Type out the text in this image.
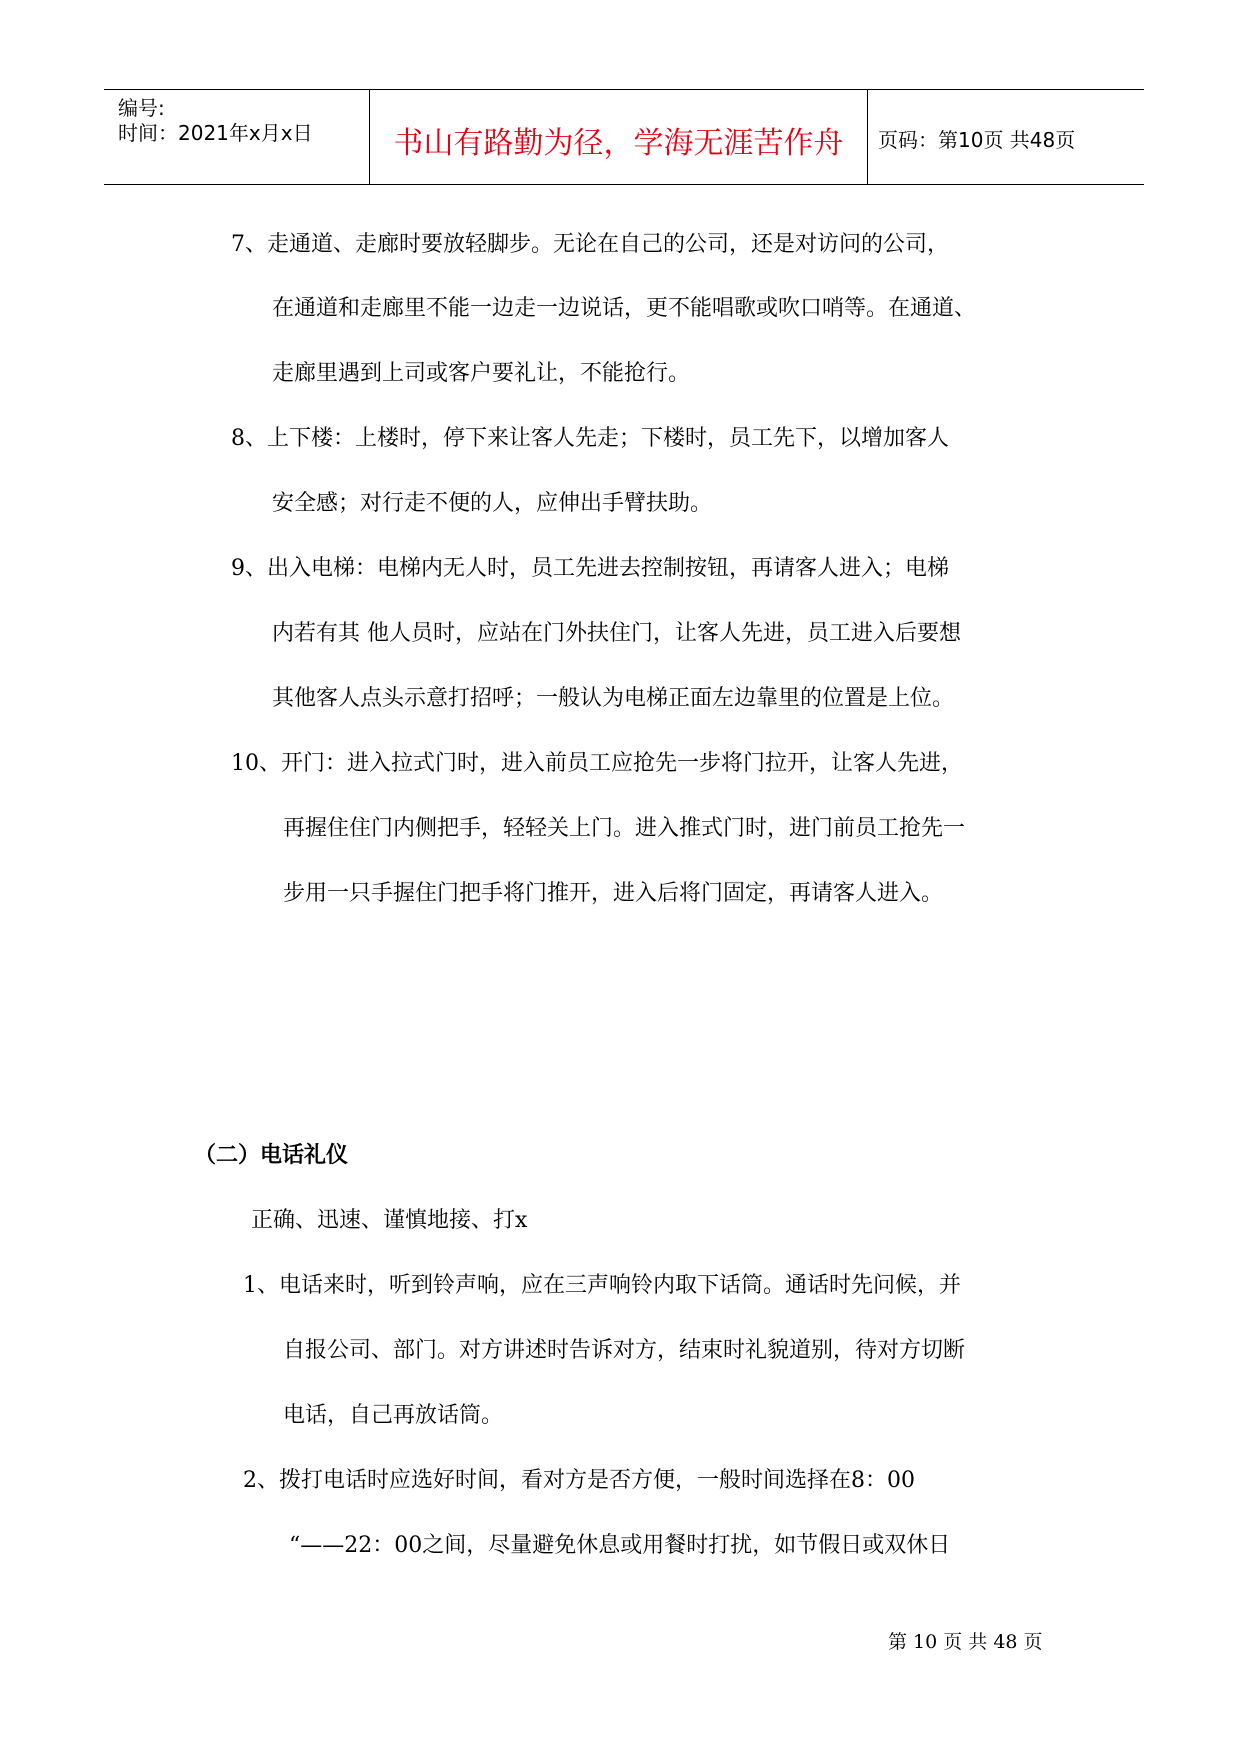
编号:
时间：2021年x月x日	书山有路勤为径，学海无涯苦作舟	页码：第10页 共48页
7、走通道、走廊时要放轻脚步。无论在自己的公司，还是对访问的公司，
在通道和走廊里不能一边走一边说话，更不能唱歌或吹口哨等。在通道、
走廊里遇到上司或客户要礼让，不能抢行。
8、上下楼：上楼时，停下来让客人先走；下楼时，员工先下，以增加客人
安全感；对行走不便的人，应伸出手臂扶助。
9、出入电梯：电梯内无人时，员工先进去控制按钮，再请客人进入；电梯
内若有其 他人员时，应站在门外扶住门，让客人先进，员工进入后要想
其他客人点头示意打招呼；一般认为电梯正面左边靠里的位置是上位。
10、开门：进入拉式门时，进入前员工应抢先一步将门拉开，让客人先进，
再握住住门内侧把手，轻轻关上门。进入推式门时，进门前员工抢先一
步用一只手握住门把手将门推开，进入后将门固定，再请客人进入。
（二）电话礼仪
正确、迅速、谨慎地接、打x
1、电话来时，听到铃声响，应在三声响铃内取下话筒。通话时先问候，并
自报公司、部门。对方讲述时告诉对方，结束时礼貌道别，待对方切断
电话，自己再放话筒。
2、拨打电话时应选好时间，看对方是否方便，一般时间选择在8：00
“——22：00之间，尽量避免休息或用餐时打扰，如节假日或双休日
第 10 页 共 48 页
